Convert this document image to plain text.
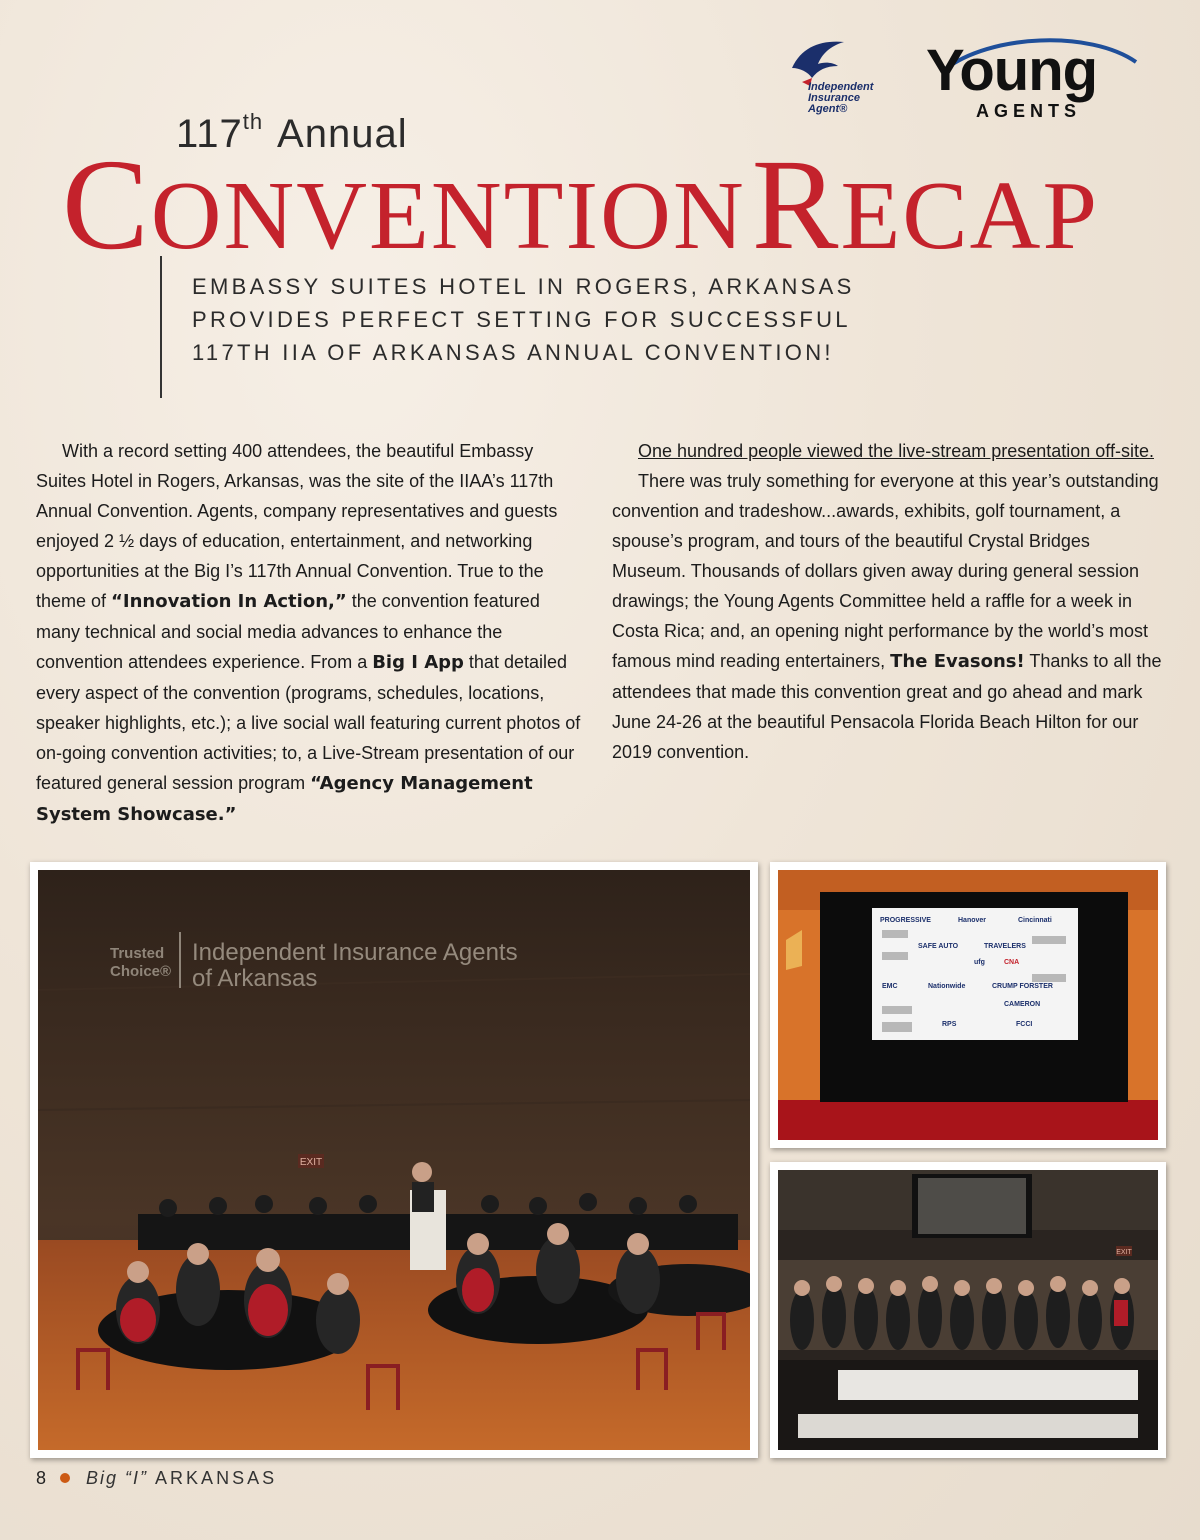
Independent
Insurance
Agent®
Young
AGENTS
117th Annual
CONVENTION RECAP
EMBASSY SUITES HOTEL IN ROGERS, ARKANSAS
PROVIDES PERFECT SETTING FOR SUCCESSFUL
117TH IIA OF ARKANSAS ANNUAL CONVENTION!

With a record setting 400 attendees, the beautiful Embassy Suites Hotel in Rogers, Arkansas, was the site of the IIAA’s 117th Annual Convention. Agents, company representatives and guests enjoyed 2 ½ days of education, entertainment, and networking opportunities at the Big I’s 117th Annual Convention. True to the theme of “Innovation In Action,” the convention featured many technical and social media advances to enhance the convention attendees experience. From a Big I App that detailed every aspect of the convention (programs, schedules, locations, speaker highlights, etc.); a live social wall featuring current photos of on-going convention activities; to, a Live-Stream presentation of our featured general session program “Agency Management System Showcase.”

One hundred people viewed the live-stream presentation off-site.

There was truly something for everyone at this year’s outstanding convention and tradeshow...awards, exhibits, golf tournament, a spouse’s program, and tours of the beautiful Crystal Bridges Museum. Thousands of dollars given away during general session drawings; the Young Agents Committee held a raffle for a week in Costa Rica; and, an opening night performance by the world’s most famous mind reading entertainers, The Evasons! Thanks to all the attendees that made this convention great and go ahead and mark June 24-26 at the beautiful Pensacola Florida Beach Hilton for our 2019 convention.

Trusted
Choice®
Independent Insurance Agents
of Arkansas
EXIT
PROGRESSIVE	Hanover	Cincinnati
TRAVELERS
SAFE AUTO
ufg	CNA
EMC	Nationwide	CRUMP FORSTER
CAMERON
RPS	FCCI
EXIT
8 Big “I” ARKANSAS
